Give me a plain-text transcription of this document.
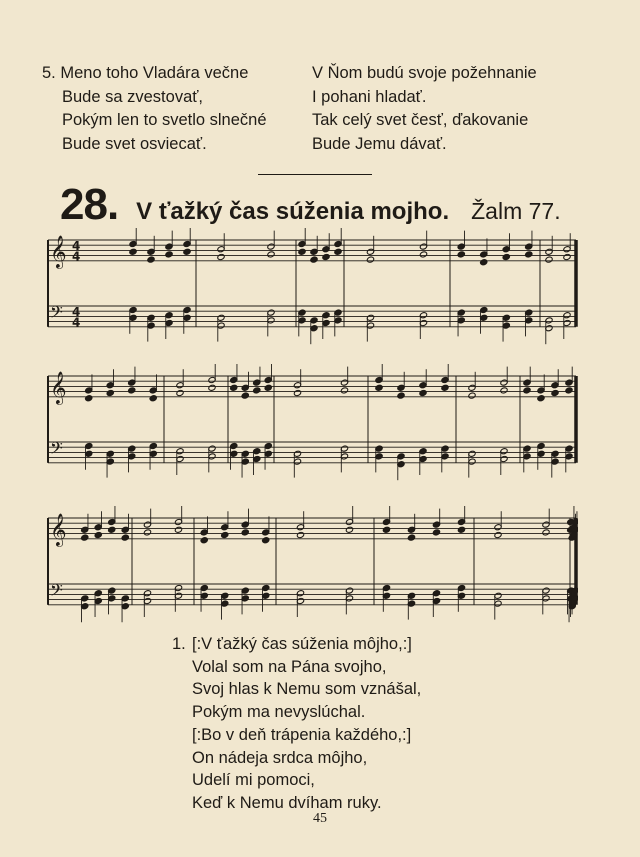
5. Meno toho Vladára večne
Bude sa zvestovať,
Pokým len to svetlo slnečné
Bude svet osviecať.
V Ňom budú svoje požehnanie
I pohani hladať.
Tak celý svet česť, ďakovanie
Bude Jemu dávať.
28. V ťažký čas súženia mojho. Žalm 77.
𝄞 4
4
𝄢 4
4
𝄞
𝄢
𝄞
𝄢
1. [:V ťažký čas súženia môjho,:]
Volal som na Pána svojho,
Svoj hlas k Nemu som vznášal,
Pokým ma nevyslúchal.
[:Bo v deň trápenia každého,:]
On nádeja srdca môjho,
Udelí mi pomoci,
Keď k Nemu dvíham ruky.
45
